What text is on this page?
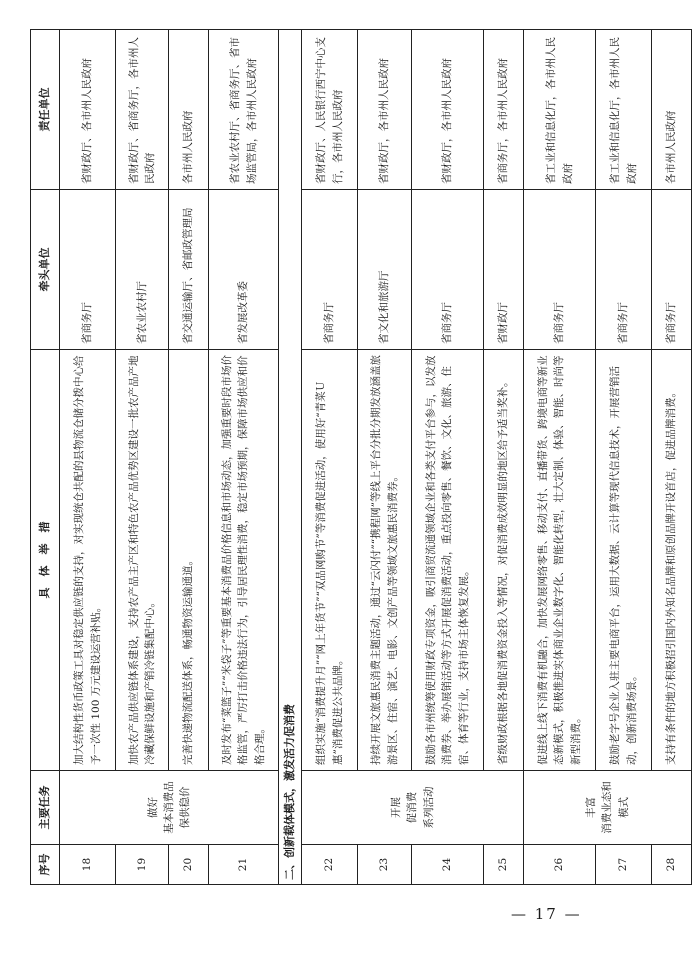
序号	主要任务	具　体　举　措	牵头单位	责任单位
18	做好
基本消费品
保供稳价	加大结构性货币政策工具对稳定供应链的支持，对实现统仓共配的县物流仓储分拨中心给予一次性 100 万元建设运营补贴。	省商务厅	省财政厅、各市州人民政府
19		加快农产品供应链体系建设，支持农产品主产区和特色农产品优势区建设一批农产品产地冷藏保鲜设施和产销冷链集配中心。	省农业农村厅	省财政厅、省商务厅，各市州人民政府
20		完善快递物流配送体系，畅通物资运输通道。	省交通运输厅、省邮政管理局	各市州人民政府
21		及时发布“菜篮子”“米袋子”等重要基本消费品价格信息和市场动态，加强重要时段市场价格监管，严厉打击价格违法行为，引导居民理性消费，稳定市场预期，保障市场供应和价格合理。	省发展改革委	省农业农村厅、省商务厅、省市场监管局，各市州人民政府
二、创新载体模式，激发活力促消费				
22	开展
促消费
系列活动	组织实施“消费提升月”“网上年货节”“双品网购节”等消费促进活动，使用好“青菜Ｕ惠”消费促进公共品牌。	省商务厅	省财政厅、人民银行西宁中心支行，各市州人民政府
23		持续开展文旅惠民消费主题活动，通过“云闪付”“携程网”等线上平台分批分期发放涵盖旅游景区、住宿、演艺、电影、文创产品等领域文旅惠民消费券。	省文化和旅游厅	省财政厅，各市州人民政府
24		鼓励各市州统筹使用财政专项资金，吸引商贸流通领域企业和各类支付平台参与，以发放消费券、举办展销活动等方式开展促消费活动，重点投向零售、餐饮、文化、旅游、住宿、体育等行业，支持市场主体恢复发展。	省商务厅	省财政厅，各市州人民政府
25		省级财政根据各地促消费资金投入等情况，对促消费成效明显的地区给予适当奖补。	省财政厅	省商务厅，各市州人民政府
26	丰富
消费业态和
模式	促进线上线下消费有机融合，加快发展网络零售、移动支付、直播带货、跨境电商等新业态新模式，积极推进实体商业企业数字化、智能化转型，壮大定制、体验、智能、时尚等新型消费。	省商务厅	省工业和信息化厅，各市州人民政府
27		鼓励老字号企业入驻主要电商平台，运用大数据、云计算等现代信息技术，开展营销活动，创新消费场景。	省商务厅	省工业和信息化厅，各市州人民政府
28		支持有条件的地方积极招引国内外知名品牌和原创品牌开设首店，促进品牌消费。	省商务厅	各市州人民政府
— 17 —
